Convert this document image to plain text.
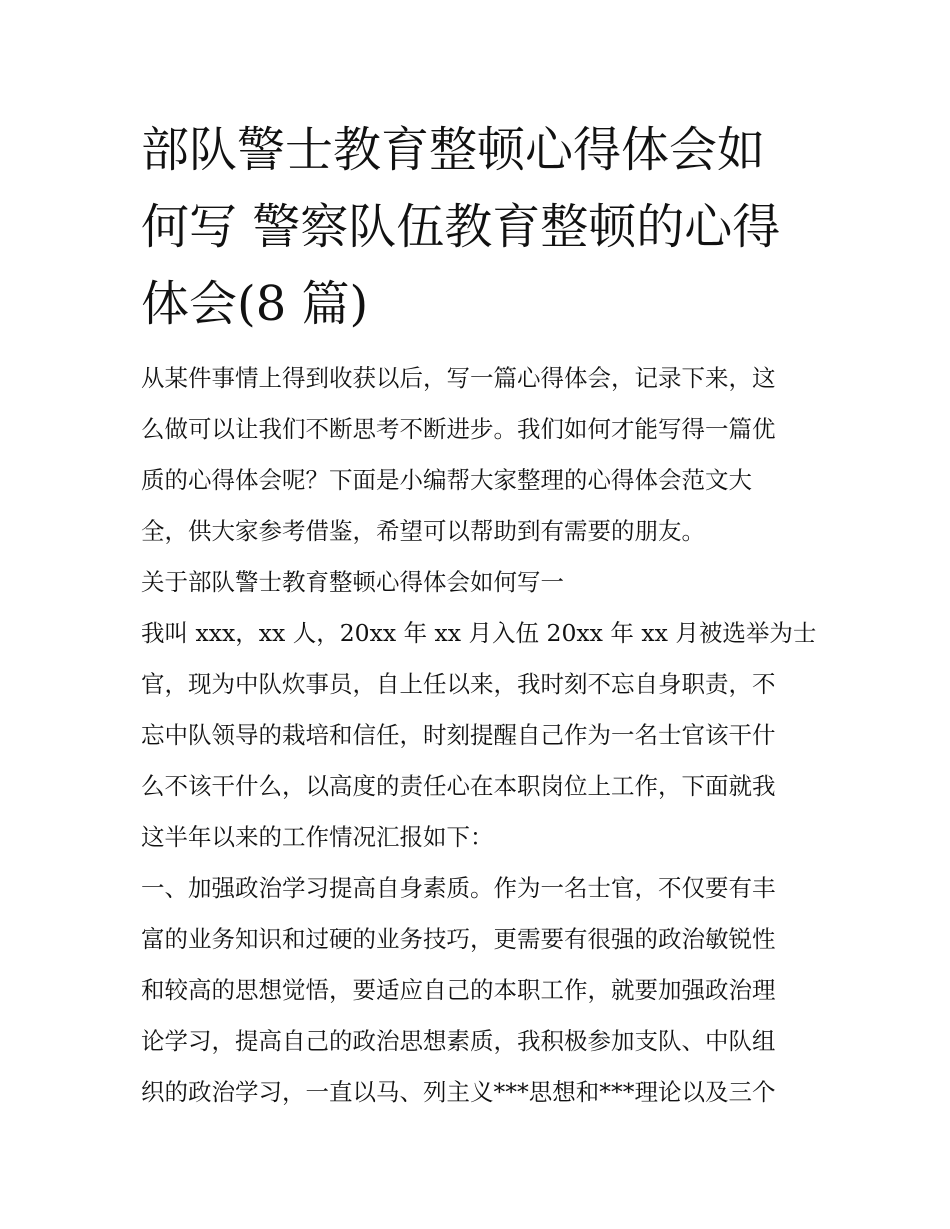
部队警士教育整顿心得体会如
何写 警察队伍教育整顿的心得
体会(8 篇)
从某件事情上得到收获以后，写一篇心得体会，记录下来，这
么做可以让我们不断思考不断进步。我们如何才能写得一篇优
质的心得体会呢？下面是小编帮大家整理的心得体会范文大
全，供大家参考借鉴，希望可以帮助到有需要的朋友。
关于部队警士教育整顿心得体会如何写一
我叫 xxx，xx 人，20xx 年 xx 月入伍 20xx 年 xx 月被选举为士
官，现为中队炊事员，自上任以来，我时刻不忘自身职责，不
忘中队领导的栽培和信任，时刻提醒自己作为一名士官该干什
么不该干什么，以高度的责任心在本职岗位上工作，下面就我
这半年以来的工作情况汇报如下：
一、加强政治学习提高自身素质。作为一名士官，不仅要有丰
富的业务知识和过硬的业务技巧，更需要有很强的政治敏锐性
和较高的思想觉悟，要适应自己的本职工作，就要加强政治理
论学习，提高自己的政治思想素质，我积极参加支队、中队组
织的政治学习，一直以马、列主义***思想和***理论以及三个
